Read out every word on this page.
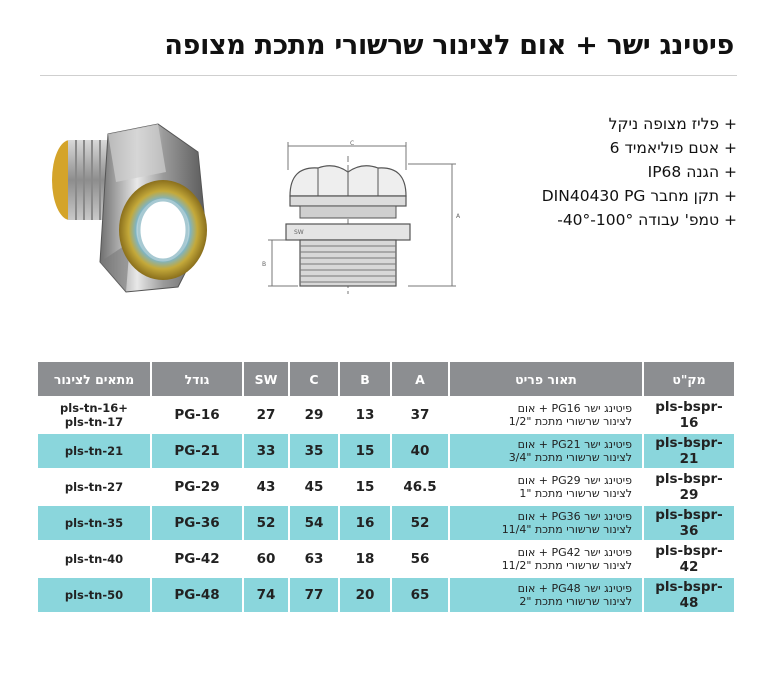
פיטינג ישר + אום לצינור שרשורי מתכת מצופה
+ פליז מצופה ניקל
+ אטם פוליאמיד 6
+ הגנה IP68
+ תקן מחבר DIN40430 PG
+ טמפ' עבודה 100°-40°-
C
A
B
SW
מתאים לצינור	גודל	SW	C	B	A	תאור פריט	מק"ט

pls-tn-16+
pls-tn-17	PG-16	27	29	13	37	פיטינג ישר PG16 + אום
לצינור שרשורי מתכת "1/2	pls-bspr-16

pls-tn-21	PG-21	33	35	15	40	פיטינג ישר PG21 + אום
לצינור שרשורי מתכת "3/4	pls-bspr-21

pls-tn-27	PG-29	43	45	15	46.5	פיטינג ישר PG29 + אום
לצינור שרשורי מתכת "1	pls-bspr-29

pls-tn-35	PG-36	52	54	16	52	פיטינג ישר PG36 + אום
לצינור שרשורי מתכת "11/4	pls-bspr-36

pls-tn-40	PG-42	60	63	18	56	פיטינג ישר PG42 + אום
לצינור שרשורי מתכת "11/2	pls-bspr-42

pls-tn-50	PG-48	74	77	20	65	פיטינג ישר PG48 + אום
לצינור שרשורי מתכת "2	pls-bspr-48
